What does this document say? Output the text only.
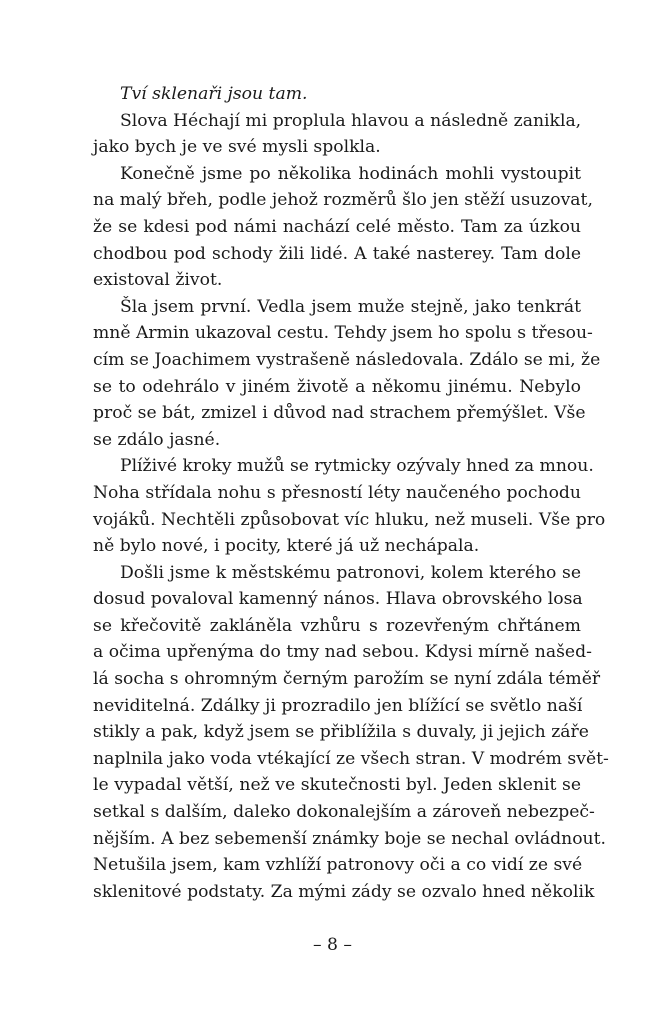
Tví sklenaři jsou tam.
Slova Héchají mi proplula hlavou a následně zanikla,
jako bych je ve své mysli spolkla.
Konečně jsme po několika hodinách mohli vystoupit
na malý břeh, podle jehož rozměrů šlo jen stěží usuzovat,
že se kdesi pod námi nachází celé město. Tam za úzkou
chodbou pod schody žili lidé. A také nasterey. Tam dole
existoval život.
Šla jsem první. Vedla jsem muže stejně, jako tenkrát
mně Armin ukazoval cestu. Tehdy jsem ho spolu s třesou-
cím se Joachimem vystrašeně následovala. Zdálo se mi, že
se to odehrálo v jiném životě a někomu jinému. Nebylo
proč se bát, zmizel i důvod nad strachem přemýšlet. Vše
se zdálo jasné.
Plíživé kroky mužů se rytmicky ozývaly hned za mnou.
Noha střídala nohu s přesností léty naučeného pochodu
vojáků. Nechtěli způsobovat víc hluku, než museli. Vše pro
ně bylo nové, i pocity, které já už nechápala.
Došli jsme k městskému patronovi, kolem kterého se
dosud povaloval kamenný nános. Hlava obrovského losa
se křečovitě zakláněla vzhůru s rozevřeným chřtánem
a očima upřenýma do tmy nad sebou. Kdysi mírně našed-
lá socha s ohromným černým parožím se nyní zdála téměř
neviditelná. Zdálky ji prozradilo jen blížící se světlo naší
stikly a pak, když jsem se přiblížila s duvaly, ji jejich záře
naplnila jako voda vtékající ze všech stran. V modrém svět-
le vypadal větší, než ve skutečnosti byl. Jeden sklenit se
setkal s dalším, daleko dokonalejším a zároveň nebezpeč-
nějším. A bez sebemenší známky boje se nechal ovládnout.
Netušila jsem, kam vzhlíží patronovy oči a co vidí ze své
sklenitové podstaty. Za mými zády se ozvalo hned několik
– 8 –
